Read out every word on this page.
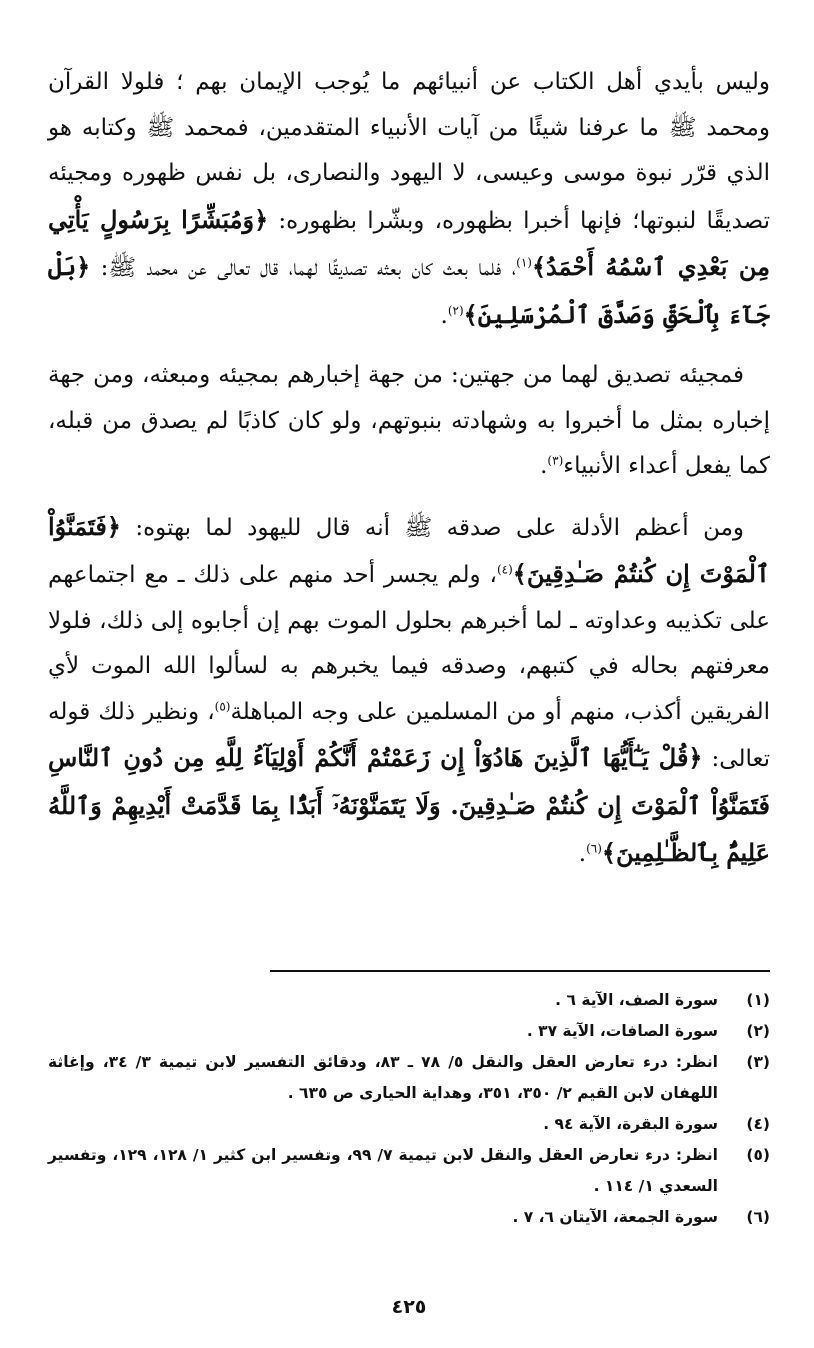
وليس بأيدي أهل الكتاب عن أنبيائهم ما يُوجب الإيمان بهم ؛ فلولا القرآن ومحمد ﷺ ما عرفنا شيئًا من آيات الأنبياء المتقدمين، فمحمد ﷺ وكتابه هو الذي قرّر نبوة موسى وعيسى، لا اليهود والنصارى، بل نفس ظهوره ومجيئه تصديقًا لنبوتها؛ فإنها أخبرا بظهوره، وبشّرا بظهوره: ﴿وَمُبَشِّرًا بِرَسُولٍ يَأْتِي مِن بَعْدِي ٱسْمُهُ أَحْمَدُ﴾$^{(١)}$، فلما بعث كان بعثه تصديقًا لهما، قال تعالى عن محمد ﷺ: ﴿بَلْ جَآءَ بِٱلْحَقِّ وَصَدَّقَ ٱلْمُرْسَلِينَ﴾$^{(٢)}$.

فمجيئه تصديق لهما من جهتين: من جهة إخبارهم بمجيئه ومبعثه، ومن جهة إخباره بمثل ما أخبروا به وشهادته بنبوتهم، ولو كان كاذبًا لم يصدق من قبله، كما يفعل أعداء الأنبياء$^{(٣)}$.

ومن أعظم الأدلة على صدقه ﷺ أنه قال لليهود لما بهتوه: ﴿فَتَمَنَّوُاْ ٱلْمَوْتَ إِن كُنتُمْ صَـٰدِقِينَ﴾$^{(٤)}$، ولم يجسر أحد منهم على ذلك ـ مع اجتماعهم على تكذيبه وعداوته ـ لما أخبرهم بحلول الموت بهم إن أجابوه إلى ذلك، فلولا معرفتهم بحاله في كتبهم، وصدقه فيما يخبرهم به لسألوا الله الموت لأي الفريقين أكذب، منهم أو من المسلمين على وجه المباهلة$^{(٥)}$، ونظير ذلك قوله تعالى: ﴿قُلْ يَـٰٓأَيُّهَا ٱلَّذِينَ هَادُوٓاْ إِن زَعَمْتُمْ أَنَّكُمْ أَوْلِيَآءُ لِلَّهِ مِن دُونِ ٱلنَّاسِ فَتَمَنَّوُاْ ٱلْمَوْتَ إِن كُنتُمْ صَـٰدِقِينَ. وَلَا يَتَمَنَّوْنَهُۥٓ أَبَدًۢا بِمَا قَدَّمَتْ أَيْدِيهِمْ وَٱللَّهُ عَلِيمٌۢ بِٱلظَّـٰلِمِينَ﴾$^{(٦)}$.

(١)
سورة الصف، الآية ٦ .
(٢)
سورة الصافات، الآية ٣٧ .
(٣)
انظر: درء تعارض العقل والنقل ٥/ ٧٨ ـ ٨٣، ودقائق التفسير لابن تيمية ٣/ ٣٤، وإغاثة اللهفان لابن القيم ٢/ ٣٥٠، ٣٥١، وهداية الحيارى ص ٦٣٥ .
(٤)
سورة البقرة، الآية ٩٤ .
(٥)
انظر: درء تعارض العقل والنقل لابن تيمية ٧/ ٩٩، وتفسير ابن كثير ١/ ١٢٨، ١٢٩، وتفسير السعدي ١/ ١١٤ .
(٦)
سورة الجمعة، الآيتان ٦، ٧ .
٤٢٥
